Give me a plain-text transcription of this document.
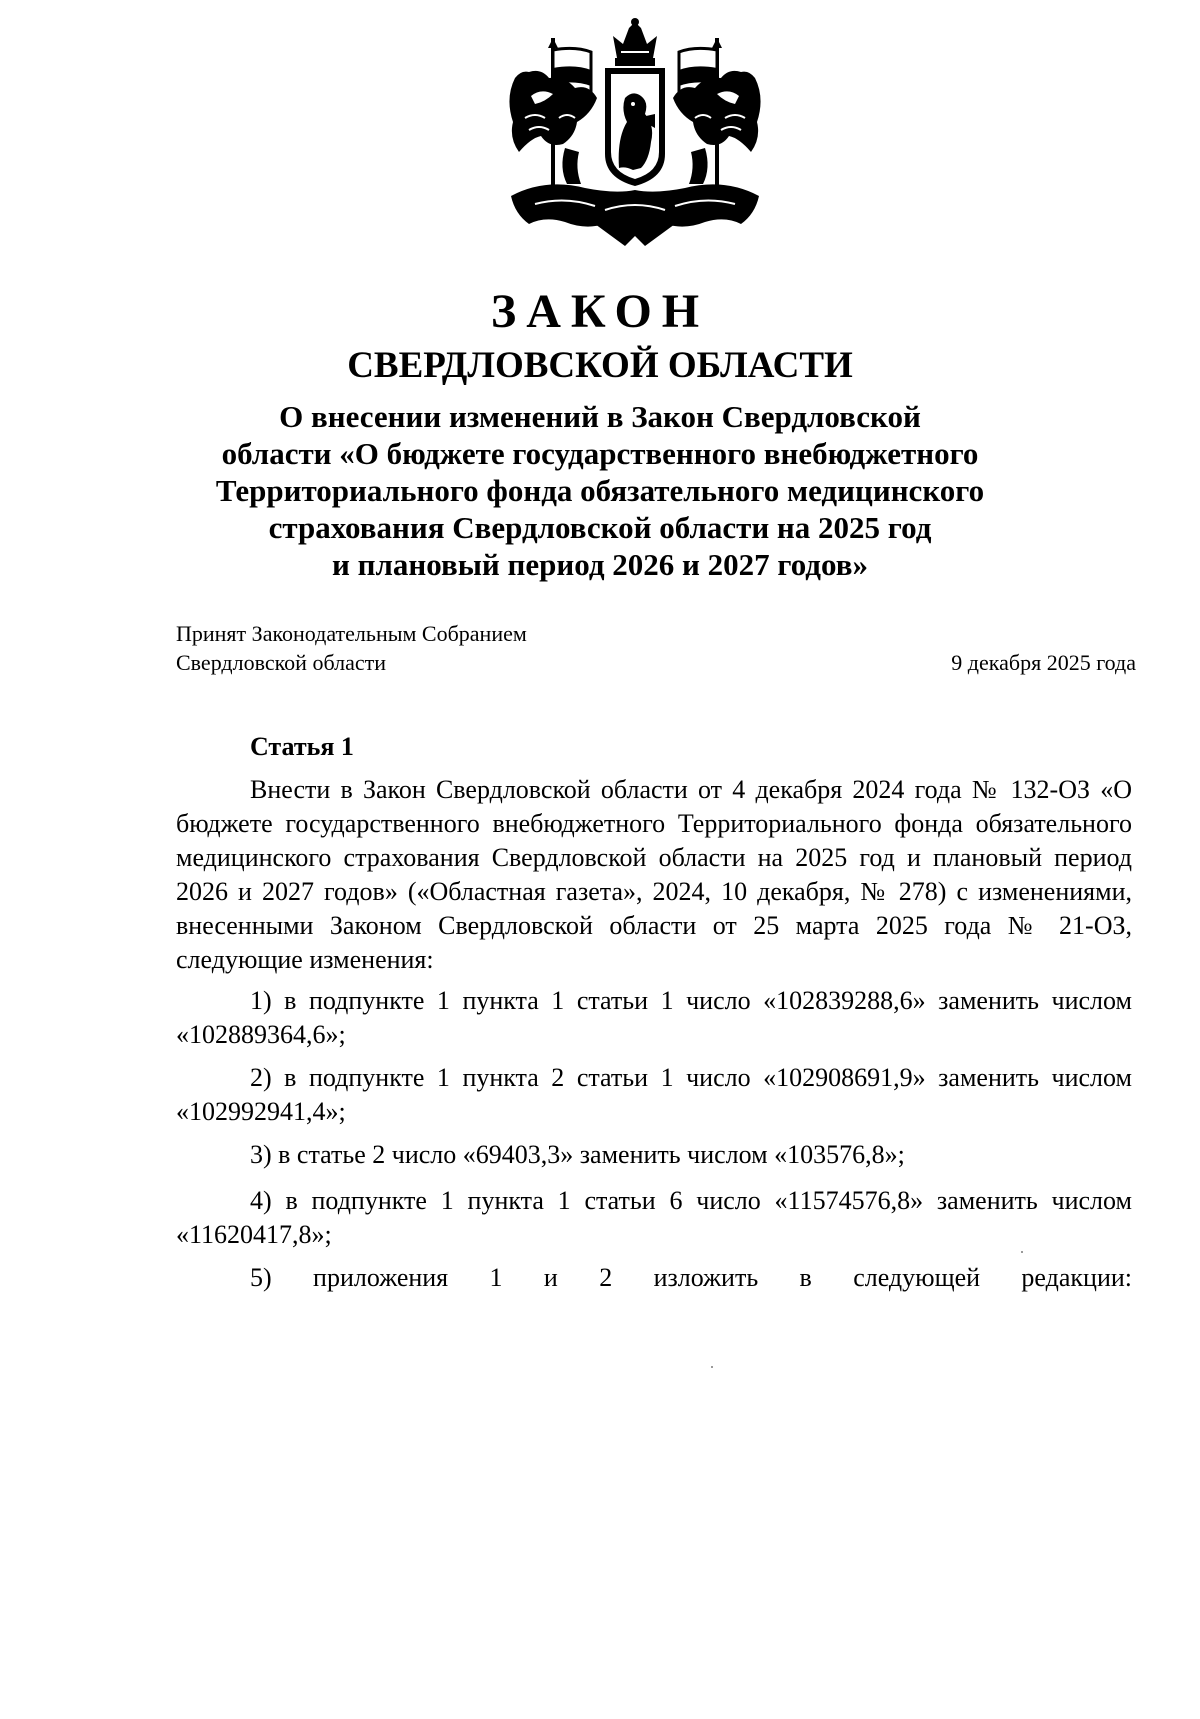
ЗАКОН
СВЕРДЛОВСКОЙ ОБЛАСТИ
О внесении изменений в Закон Свердловской
области «О бюджете государственного внебюджетного
Территориального фонда обязательного медицинского
страхования Свердловской области на 2025 год
и плановый период 2026 и 2027 годов»
Принят Законодательным Собранием
Свердловской области	9 декабря 2025 года
Статья 1
Внести в Закон Свердловской области от 4 декабря 2024 года № 132-ОЗ «О бюджете государственного внебюджетного Территориального фонда обязательного медицинского страхования Свердловской области на 2025 год и плановый период 2026 и 2027 годов» («Областная газета», 2024, 10 декабря, № 278) с изменениями, внесенными Законом Свердловской области от 25 марта 2025 года № 21-ОЗ, следующие изменения:
1) в подпункте 1 пункта 1 статьи 1 число «102839288,6» заменить числом «102889364,6»;
2) в подпункте 1 пункта 2 статьи 1 число «102908691,9» заменить числом «102992941,4»;
3) в статье 2 число «69403,3» заменить числом «103576,8»;
4) в подпункте 1 пункта 1 статьи 6 число «11574576,8» заменить числом «11620417,8»;
5) приложения 1 и 2 изложить в следующей редакции:
